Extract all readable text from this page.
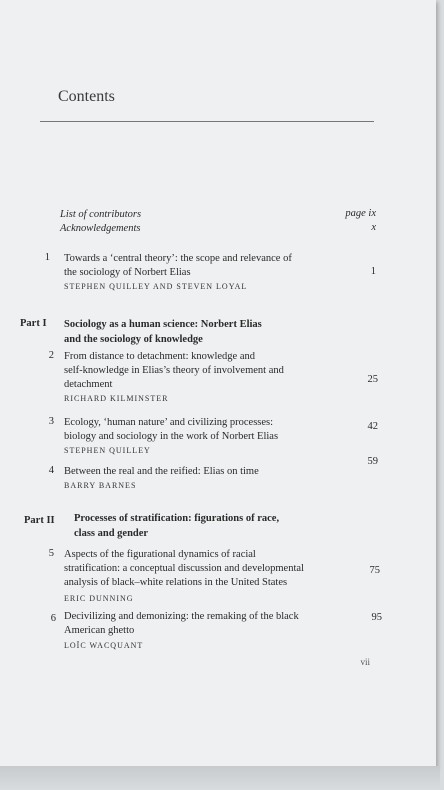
Contents
List of contributors	page ix
Acknowledgements	x
1 Towards a ‘central theory’: the scope and relevance of
the sociology of Norbert Elias
STEPHEN QUILLEY AND STEVEN LOYAL
1
Part I Sociology as a human science: Norbert Elias
and the sociology of knowledge
2 From distance to detachment: knowledge and
self-knowledge in Elias’s theory of involvement and
detachment
RICHARD KILMINSTER
25
3 Ecology, ‘human nature’ and civilizing processes:
biology and sociology in the work of Norbert Elias
STEPHEN QUILLEY
42
4 Between the real and the reified: Elias on time
BARRY BARNES
59
Part II Processes of stratification: figurations of race,
class and gender
5 Aspects of the figurational dynamics of racial
stratification: a conceptual discussion and developmental
analysis of black–white relations in the United States
ERIC DUNNING
75
6 Decivilizing and demonizing: the remaking of the black
American ghetto
LOÏC WACQUANT
95
vii
